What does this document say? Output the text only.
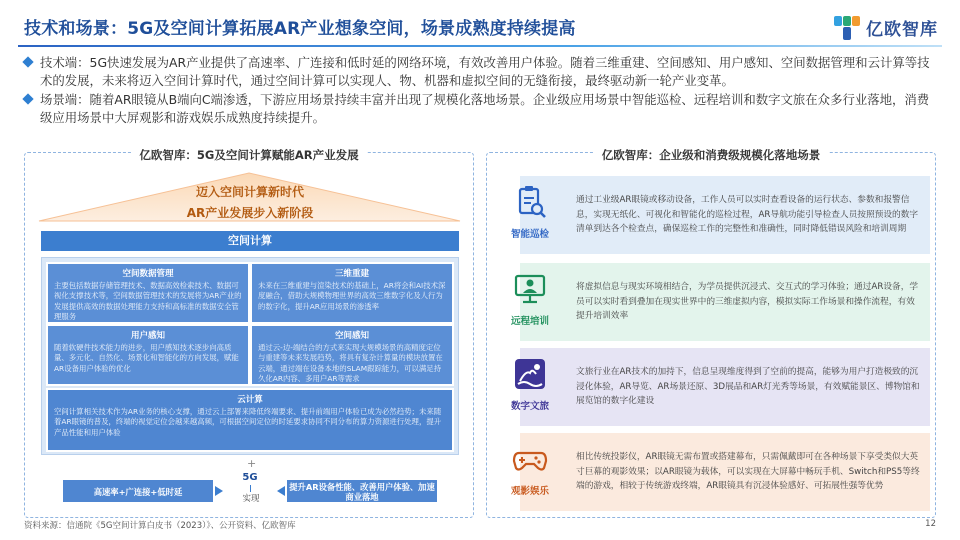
技术和场景：5G及空间计算拓展AR产业想象空间，场景成熟度持续提高	亿欧智库
技术端：5G快速发展为AR产业提供了高速率、广连接和低时延的网络环境，有效改善用户体验。随着三维重建、空间感知、用户感知、空间数据管理和云计算等技术的发展，未来将迈入空间计算时代，通过空间计算可以实现人、物、机器和虚拟空间的无缝衔接，最终驱动新一轮产业变革。
场景端：随着AR眼镜从B端向C端渗透，下游应用场景持续丰富并出现了规模化落地场景。企业级应用场景中智能巡检、远程培训和数字文旅在众多行业落地，消费级应用场景中大屏观影和游戏娱乐成熟度持续提升。
亿欧智库：5G及空间计算赋能AR产业发展
迈入空间计算新时代
AR产业发展步入新阶段
空间计算
空间数据管理
主要包括数据存储管理技术、数据高效检索技术、数据可视化支撑技术等，空间数据管理技术的发展将为AR产业的发展提供高效的数据处理能力支持和高标准的数据安全管理服务
三维重建
未来在三维重建与渲染技术的基础上，AR将会和AI技术深度融合，借助大规模物理世界的高效三维数字化及人行为的数字化，提升AR应用场景的渗透率
用户感知
随着软硬件技术能力的进步，用户感知技术逐步向高质量、多元化、自然化、场景化和智能化的方向发展，赋能AR设备用户体验的优化
空间感知
通过云-边-端结合的方式来实现大规模场景的高精度定位与重建等未来发展趋势，将具有复杂计算量的模块放置在云端，通过端在设备本地的SLAM跟踪能力，可以满足持久化AR内容、多用户AR等需求
云计算
空间计算相关技术作为AR业务的核心支撑，通过云上部署来降低终端要求、提升前端用户体验已成为必然趋势；未来随着AR眼镜的普及，终端的视觉定位会越来越高频，可根据空间定位的时延要求协同不同分布的算力资源进行处理，提升产品性能和用户体验
+
5G
实现
高速率+广连接+低时延	提升AR设备性能、改善用户体验、加速商业落地
亿欧智库：企业级和消费级规模化落地场景
智能巡检
通过工业级AR眼镜或移动设备，工作人员可以实时查看设备的运行状态、参数和报警信息，实现无纸化、可视化和智能化的巡检过程，AR导航功能引导检查人员按照预设的数字清单到达各个检查点，确保巡检工作的完整性和准确性，同时降低错误风险和培训周期
远程培训
将虚拟信息与现实环境相结合，为学员提供沉浸式、交互式的学习体验；通过AR设备，学员可以实时看到叠加在现实世界中的三维虚拟内容，模拟实际工作场景和操作流程，有效提升培训效率
数字文旅
文旅行业在AR技术的加持下，信息呈现维度得到了空前的提高，能够为用户打造极致的沉浸化体验，AR导览、AR场景还原、3D展品和AR灯光秀等场景，有效赋能景区、博物馆和展览馆的数字化建设
观影娱乐
相比传统投影仪，AR眼镜无需布置或搭建幕布，只需佩戴即可在各种场景下享受类似大英寸巨幕的观影效果；以AR眼镜为载体，可以实现在大屏幕中畅玩手机、Switch和PS5等终端的游戏，相较于传统游戏终端，AR眼镜具有沉浸体验感好、可拓展性强等优势
资料来源：信通院《5G空间计算白皮书（2023）》、公开资料、亿欧智库	12
